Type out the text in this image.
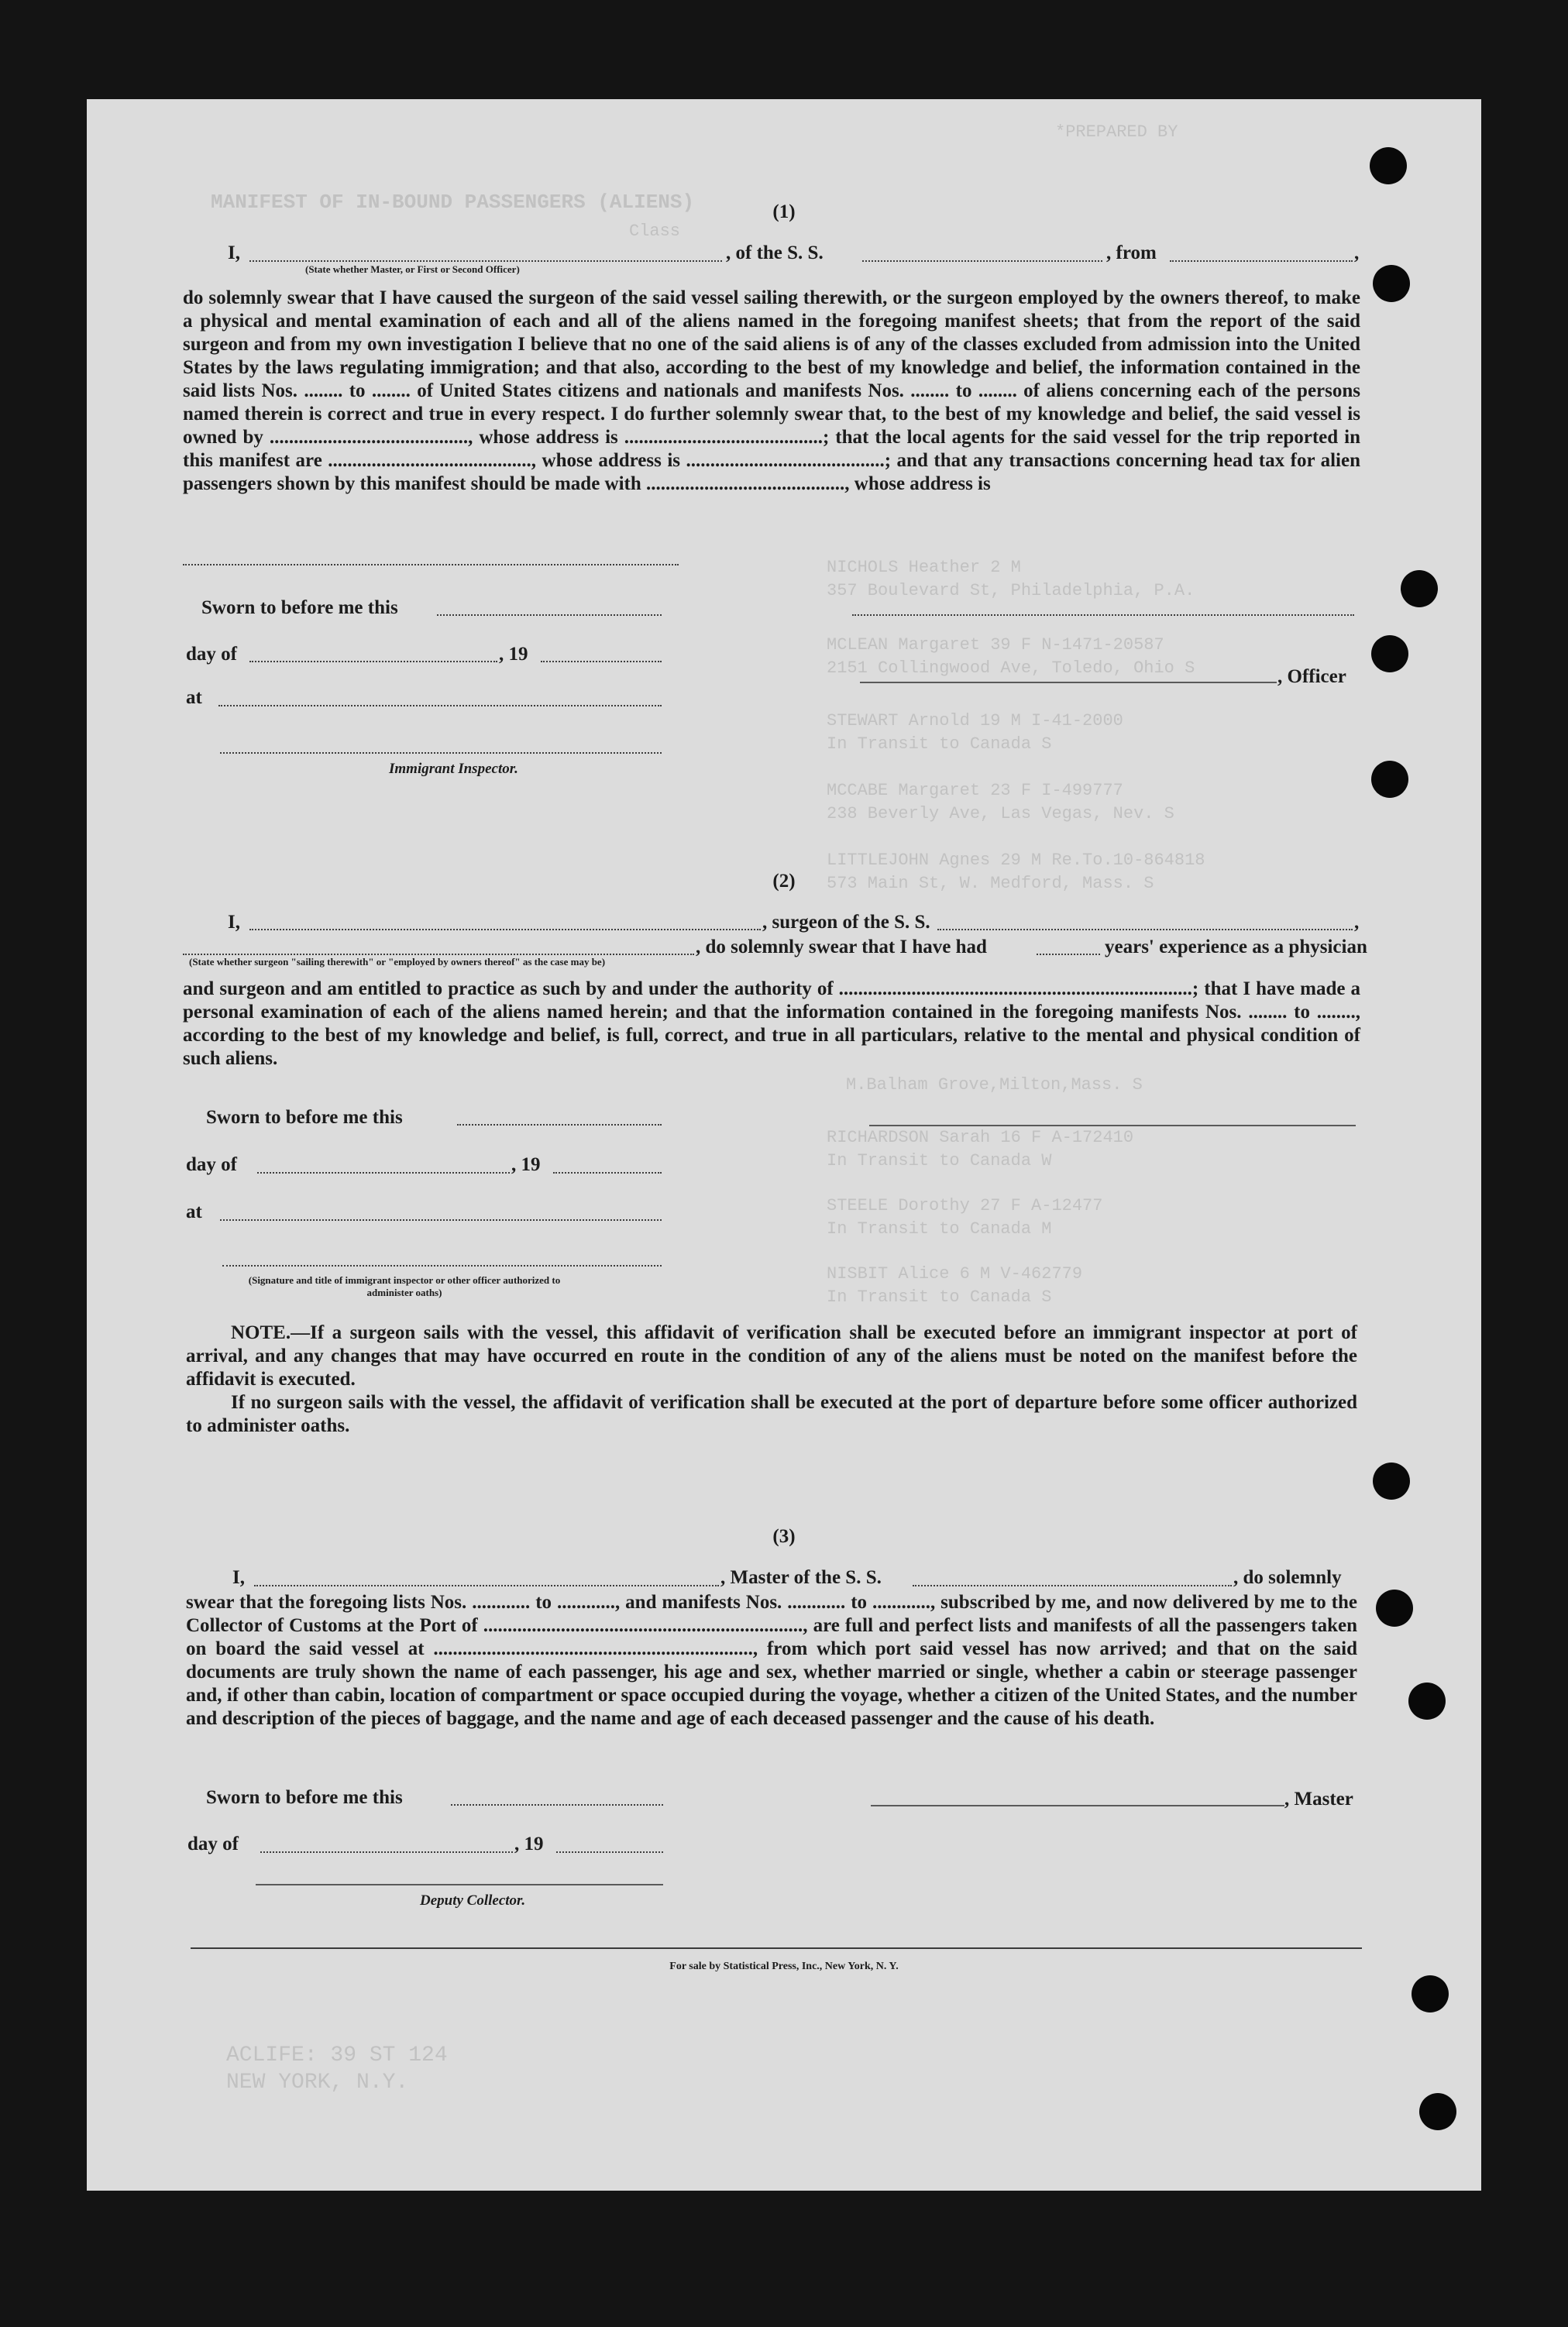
*PREPARED BY
MANIFEST OF IN-BOUND PASSENGERS (ALIENS)
Class
NICHOLS Heather 2 M
357 Boulevard St, Philadelphia, P.A.
MCLEAN Margaret 39 F N-1471-20587
2151 Collingwood Ave, Toledo, Ohio S
STEWART Arnold 19 M I-41-2000
In Transit to Canada S
MCCABE Margaret 23 F I-499777
238 Beverly Ave, Las Vegas, Nev. S
LITTLEJOHN Agnes 29 M Re.To.10-864818
573 Main St, W. Medford, Mass. S
M.Balham Grove,Milton,Mass. S
RICHARDSON Sarah 16 F A-172410
In Transit to Canada W
STEELE Dorothy 27 F A-12477
In Transit to Canada M
NISBIT Alice 6 M V-462779
In Transit to Canada S
ACLIFE: 39 ST 124
NEW YORK, N.Y.
(1)
I,	, of the S. S.	, from	,
(State whether Master, or First or Second Officer)
do solemnly swear that I have caused the surgeon of the said vessel sailing therewith, or the surgeon employed by the owners thereof, to make a physical and mental examination of each and all of the aliens named in the foregoing manifest sheets; that from the report of the said surgeon and from my own investigation I believe that no one of the said aliens is of any of the classes excluded from admission into the United States by the laws regulating immigration; and that also, according to the best of my knowledge and belief, the information contained in the said lists Nos. ........ to ........ of United States citizens and nationals and manifests Nos. ........ to ........ of aliens concerning each of the persons named therein is correct and true in every respect. I do further solemnly swear that, to the best of my knowledge and belief, the said vessel is owned by ........................................., whose address is .........................................; that the local agents for the said vessel for the trip reported in this manifest are .........................................., whose address is .........................................; and that any transactions concerning head tax for alien passengers shown by this manifest should be made with ........................................., whose address is
Sworn to before me this
day of	, 19
at
, Officer
Immigrant Inspector.
(2)
I,	, surgeon of the S. S.	,
, do solemnly swear that I have had	years' experience as a physician
(State whether surgeon "sailing therewith" or "employed by owners thereof" as the case may be)
and surgeon and am entitled to practice as such by and under the authority of .........................................................................; that I have made a personal examination of each of the aliens named herein; and that the information contained in the foregoing manifests Nos. ........ to ........, according to the best of my knowledge and belief, is full, correct, and true in all particulars, relative to the mental and physical condition of such aliens.
Sworn to before me this
day of	, 19
at
(Signature and title of immigrant inspector or other officer authorized to administer oaths)
NOTE.—If a surgeon sails with the vessel, this affidavit of verification shall be executed before an immigrant inspector at port of arrival, and any changes that may have occurred en route in the condition of any of the aliens must be noted on the manifest before the affidavit is executed.
If no surgeon sails with the vessel, the affidavit of verification shall be executed at the port of departure before some officer authorized to administer oaths.
(3)
I,	, Master of the S. S.	, do solemnly
swear that the foregoing lists Nos. ............ to ............, and manifests Nos. ............ to ............, subscribed by me, and now delivered by me to the Collector of Customs at the Port of .................................................................., are full and perfect lists and manifests of all the passengers taken on board the said vessel at .................................................................., from which port said vessel has now arrived; and that on the said documents are truly shown the name of each passenger, his age and sex, whether married or single, whether a cabin or steerage passenger and, if other than cabin, location of compartment or space occupied during the voyage, whether a citizen of the United States, and the number and description of the pieces of baggage, and the name and age of each deceased passenger and the cause of his death.
Sworn to before me this	, Master
day of	, 19
Deputy Collector.
For sale by Statistical Press, Inc., New York, N. Y.
